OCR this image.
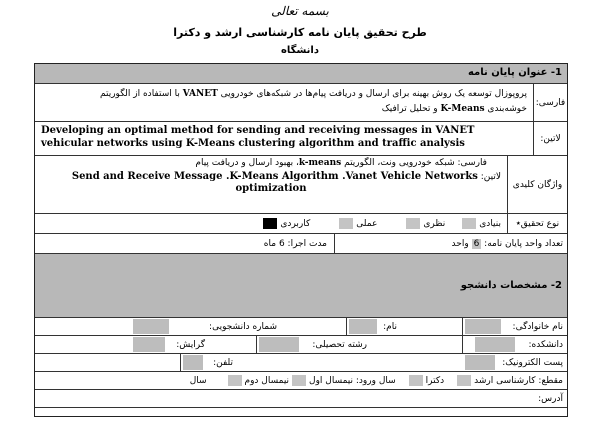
بسمه تعالی
طرح تحقیق پایان نامه کارشناسی ارشد و دکترا
دانشگاه
1- عنوان پایان نامه
فارسی:
پروپوزال توسعه یک روش بهینه برای ارسال و دریافت پیام‌ها در شبکه‌های خودرویی VANET با استفاده از الگوریتم
خوشه‌بندی K-Means و تحلیل ترافیک
لاتین:
Developing an optimal method for sending and receiving messages in VANET vehicular networks using K-Means clustering algorithm and traffic analysis
واژگان کلیدی
فارسی: شبکه خودرویی ونت، الگوریتم k-means، بهبود ارسال و دریافت پیام
لاتین: Send and Receive Message .K-Means Algorithm .Vanet Vehicle Networks
optimization
نوع تحقیق٭
بنیادی
نظری
عملی
کاربردی
تعداد واحد پایان نامه:

6

واحد
مدت اجرا:

6 ماه
2- مشخصات دانشجو
نام خانوادگی:
نام:
شماره دانشجویی:
دانشکده:
رشته تحصیلی:
گرایش:
پست الکترونیک:
تلفن:
مقطع:

کارشناسی ارشد
دکترا
سال ورود: نیمسال اول
نیمسال دوم
سال
آدرس:
